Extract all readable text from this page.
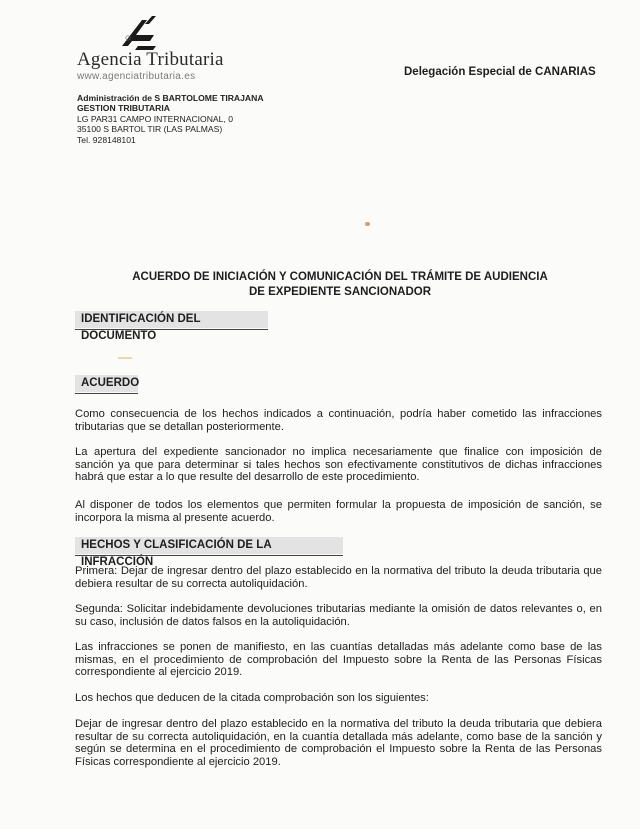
Agencia Tributaria
www.agenciatributaria.es	Delegación Especial de CANARIAS
Administración de S BARTOLOME TIRAJANA
GESTION TRIBUTARIA
LG PAR31 CAMPO INTERNACIONAL, 0
35100 S BARTOL TIR (LAS PALMAS)
Tel. 928148101
ACUERDO DE INICIACIÓN Y COMUNICACIÓN DEL TRÁMITE DE AUDIENCIA
DE EXPEDIENTE SANCIONADOR
IDENTIFICACIÓN DEL DOCUMENTO
ACUERDO
Como consecuencia de los hechos indicados a continuación, podría haber cometido las infracciones tributarias que se detallan posteriormente.
La apertura del expediente sancionador no implica necesariamente que finalice con imposición de sanción ya que para determinar si tales hechos son efectivamente constitutivos de dichas infracciones habrá que estar a lo que resulte del desarrollo de este procedimiento.
Al disponer de todos los elementos que permiten formular la propuesta de imposición de sanción, se incorpora la misma al presente acuerdo.
HECHOS Y CLASIFICACIÓN DE LA INFRACCIÓN
Primera: Dejar de ingresar dentro del plazo establecido en la normativa del tributo la deuda tributaria que debiera resultar de su correcta autoliquidación.
Segunda: Solicitar indebidamente devoluciones tributarias mediante la omisión de datos relevantes o, en su caso, inclusión de datos falsos en la autoliquidación.
Las infracciones se ponen de manifiesto, en las cuantías detalladas más adelante como base de las mismas, en el procedimiento de comprobación del Impuesto sobre la Renta de las Personas Físicas correspondiente al ejercicio 2019.
Los hechos que deducen de la citada comprobación son los siguientes:
Dejar de ingresar dentro del plazo establecido en la normativa del tributo la deuda tributaria que debiera resultar de su correcta autoliquidación, en la cuantía detallada más adelante, como base de la sanción y según se determina en el procedimiento de comprobación el Impuesto sobre la Renta de las Personas Físicas correspondiente al ejercicio 2019.
